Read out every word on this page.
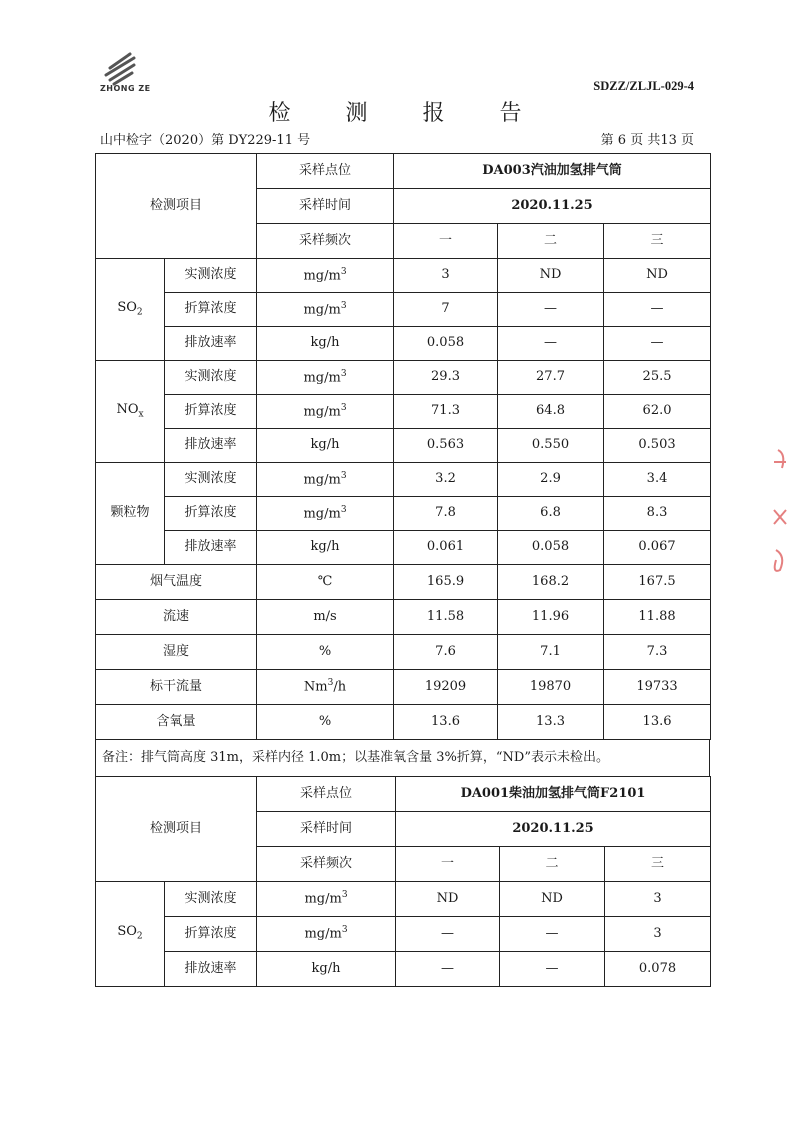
ZHONG ZE	SDZZ/ZLJL-029-4
检 测 报 告
山中检字（2020）第 DY229-11 号	第 6 页 共13 页
检测项目		采样点位	DA003汽油加氢排气筒		
		采样时间	2020.11.25		
		采样频次	一	二	三
$SO_2$	实测浓度	$mg/m^3$	3	ND	ND
	折算浓度	$mg/m^3$	7	—	—
	排放速率	kg/h	0.058	—	—
$NO_x$	实测浓度	$mg/m^3$	29.3	27.7	25.5
	折算浓度	$mg/m^3$	71.3	64.8	62.0
	排放速率	kg/h	0.563	0.550	0.503
颗粒物	实测浓度	$mg/m^3$	3.2	2.9	3.4
	折算浓度	$mg/m^3$	7.8	6.8	8.3
	排放速率	kg/h	0.061	0.058	0.067
烟气温度		℃	165.9	168.2	167.5
流速		m/s	11.58	11.96	11.88
湿度		%	7.6	7.1	7.3
标干流量		Nm$^3$/h	19209	19870	19733
含氧量		%	13.6	13.3	13.6
备注：排气筒高度 31m，采样内径 1.0m；以基准氧含量 3%折算，“ND”表示未检出。
检测项目		采样点位	DA001柴油加氢排气筒F2101		
		采样时间	2020.11.25		
		采样频次	一	二	三
$SO_2$	实测浓度	$mg/m^3$	ND	ND	3
	折算浓度	$mg/m^3$	—	—	3
	排放速率	kg/h	—	—	0.078
